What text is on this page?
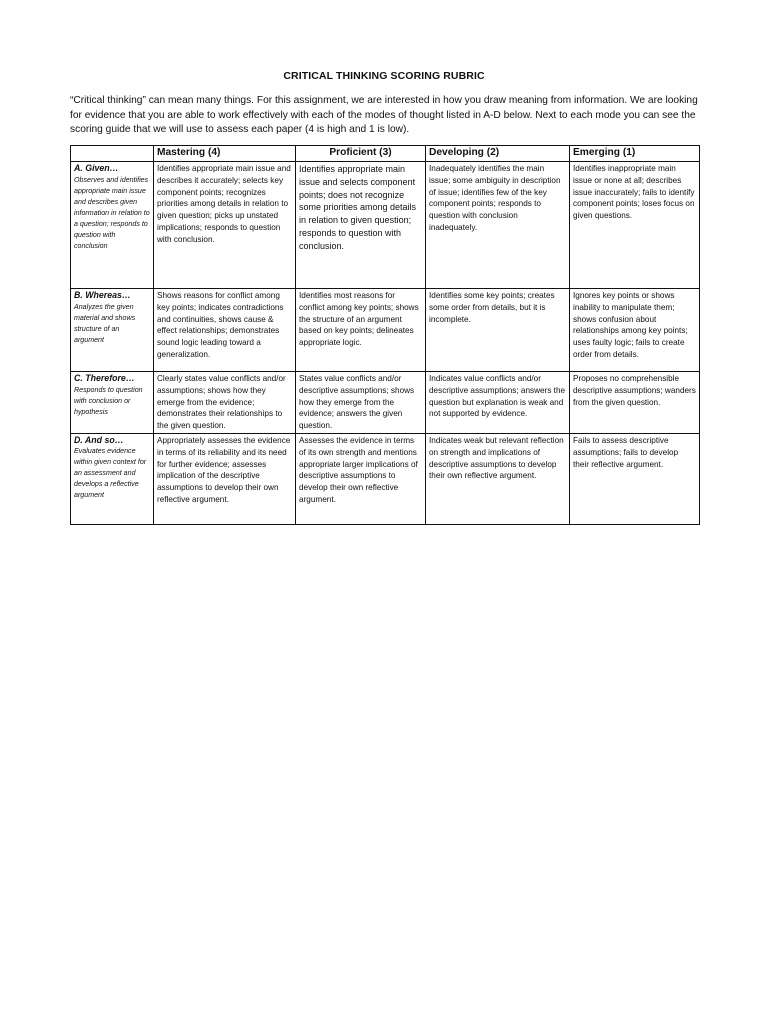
CRITICAL THINKING SCORING RUBRIC

“Critical thinking” can mean many things. For this assignment, we are interested in how you draw meaning from information. We are looking for evidence that you are able to work effectively with each of the modes of thought listed in A-D below. Next to each mode you can see the scoring guide that we will use to assess each paper (4 is high and 1 is low).

	Mastering (4)	Proficient (3)	Developing (2)	Emerging (1)

A. Given…
Observes and identifies appropriate main issue and describes given information in relation to a question; responds to question with conclusion	Identifies appropriate main issue and describes it accurately; selects key component points; recognizes priorities among details in relation to given question; picks up unstated implications; responds to question with conclusion.	Identifies appropriate main issue and selects component points; does not recognize some priorities among details in relation to given question; responds to question with conclusion.	Inadequately identifies the main issue; some ambiguity in description of issue; identifies few of the key component points; responds to question with conclusion inadequately.	Identifies inappropriate main issue or none at all; describes issue inaccurately; fails to identify component points; loses focus on given questions.

B. Whereas…
Analyzes the given material and shows structure of an argument	Shows reasons for conflict among key points; indicates contradictions and continuities, shows cause & effect relationships; demonstrates sound logic leading toward a generalization.	Identifies most reasons for conflict among key points; shows the structure of an argument based on key points; delineates appropriate logic.	Identifies some key points; creates some order from details, but it is incomplete.	Ignores key points or shows inability to manipulate them; shows confusion about relationships among key points; uses faulty logic; fails to create order from details.

C. Therefore…
Responds to question with conclusion or hypothesis	Clearly states value conflicts and/or assumptions; shows how they emerge from the evidence; demonstrates their relationships to the given question.	States value conflicts and/or descriptive assumptions; shows how they emerge from the evidence; answers the given question.	Indicates value conflicts and/or descriptive assumptions; answers the question but explanation is weak and not supported by evidence.	Proposes no comprehensible descriptive assumptions; wanders from the given question.

D. And so…
Evaluates evidence within given context for an assessment and develops a reflective argument	Appropriately assesses the evidence in terms of its reliability and its need for further evidence; assesses implication of the descriptive assumptions to develop their own reflective argument.	Assesses the evidence in terms of its own strength and mentions appropriate larger implications of descriptive assumptions to develop their own reflective argument.	Indicates weak but relevant reflection on strength and implications of descriptive assumptions to develop their own reflective argument.	Fails to assess descriptive assumptions; fails to develop their reflective argument.
